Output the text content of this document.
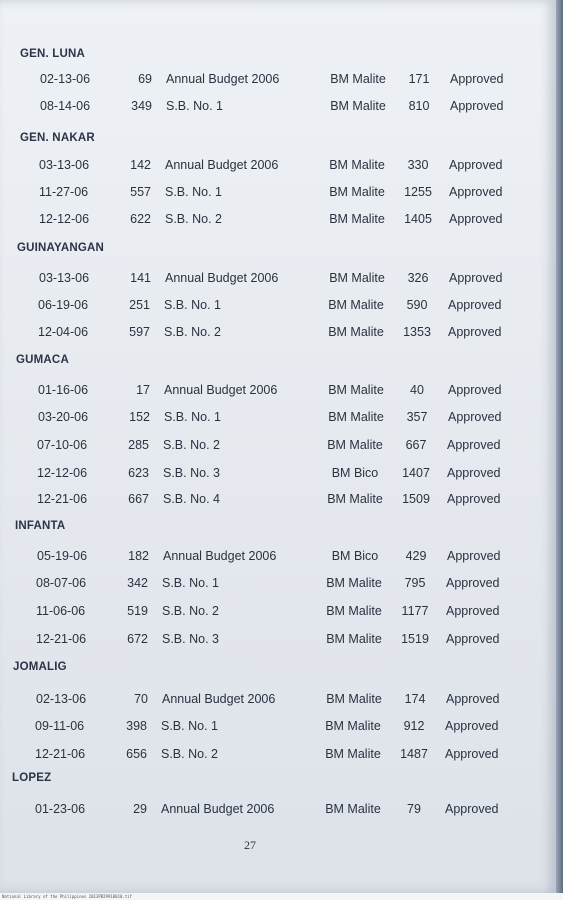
GEN. LUNA
02-13-06	69 Annual Budget 2006	BM Malite	171	Approved
08-14-06	349 S.B. No. 1	BM Malite	810	Approved
GEN. NAKAR
03-13-06	142 Annual Budget 2006	BM Malite	330	Approved
11-27-06	557 S.B. No. 1	BM Malite	1255	Approved
12-12-06	622 S.B. No. 2	BM Malite	1405	Approved
GUINAYANGAN
03-13-06	141 Annual Budget 2006	BM Malite	326	Approved
06-19-06	251 S.B. No. 1	BM Malite	590	Approved
12-04-06	597 S.B. No. 2	BM Malite	1353	Approved
GUMACA
01-16-06	17 Annual Budget 2006	BM Malite	40	Approved
03-20-06	152 S.B. No. 1	BM Malite	357	Approved
07-10-06	285 S.B. No. 2	BM Malite	667	Approved
12-12-06	623 S.B. No. 3	BM Bico	1407	Approved
12-21-06	667 S.B. No. 4	BM Malite	1509	Approved
INFANTA
05-19-06	182 Annual Budget 2006	BM Bico	429	Approved
08-07-06	342 S.B. No. 1	BM Malite	795	Approved
11-06-06	519 S.B. No. 2	BM Malite	1177	Approved
12-21-06	672 S.B. No. 3	BM Malite	1519	Approved
JOMALIG
02-13-06	70 Annual Budget 2006	BM Malite	174	Approved
09-11-06	398 S.B. No. 1	BM Malite	912	Approved
12-21-06	656 S.B. No. 2	BM Malite	1487	Approved
LOPEZ
01-23-06	29 Annual Budget 2006	BM Malite	79	Approved
27
National Library of the Philippines 2013PB29910010.tif
